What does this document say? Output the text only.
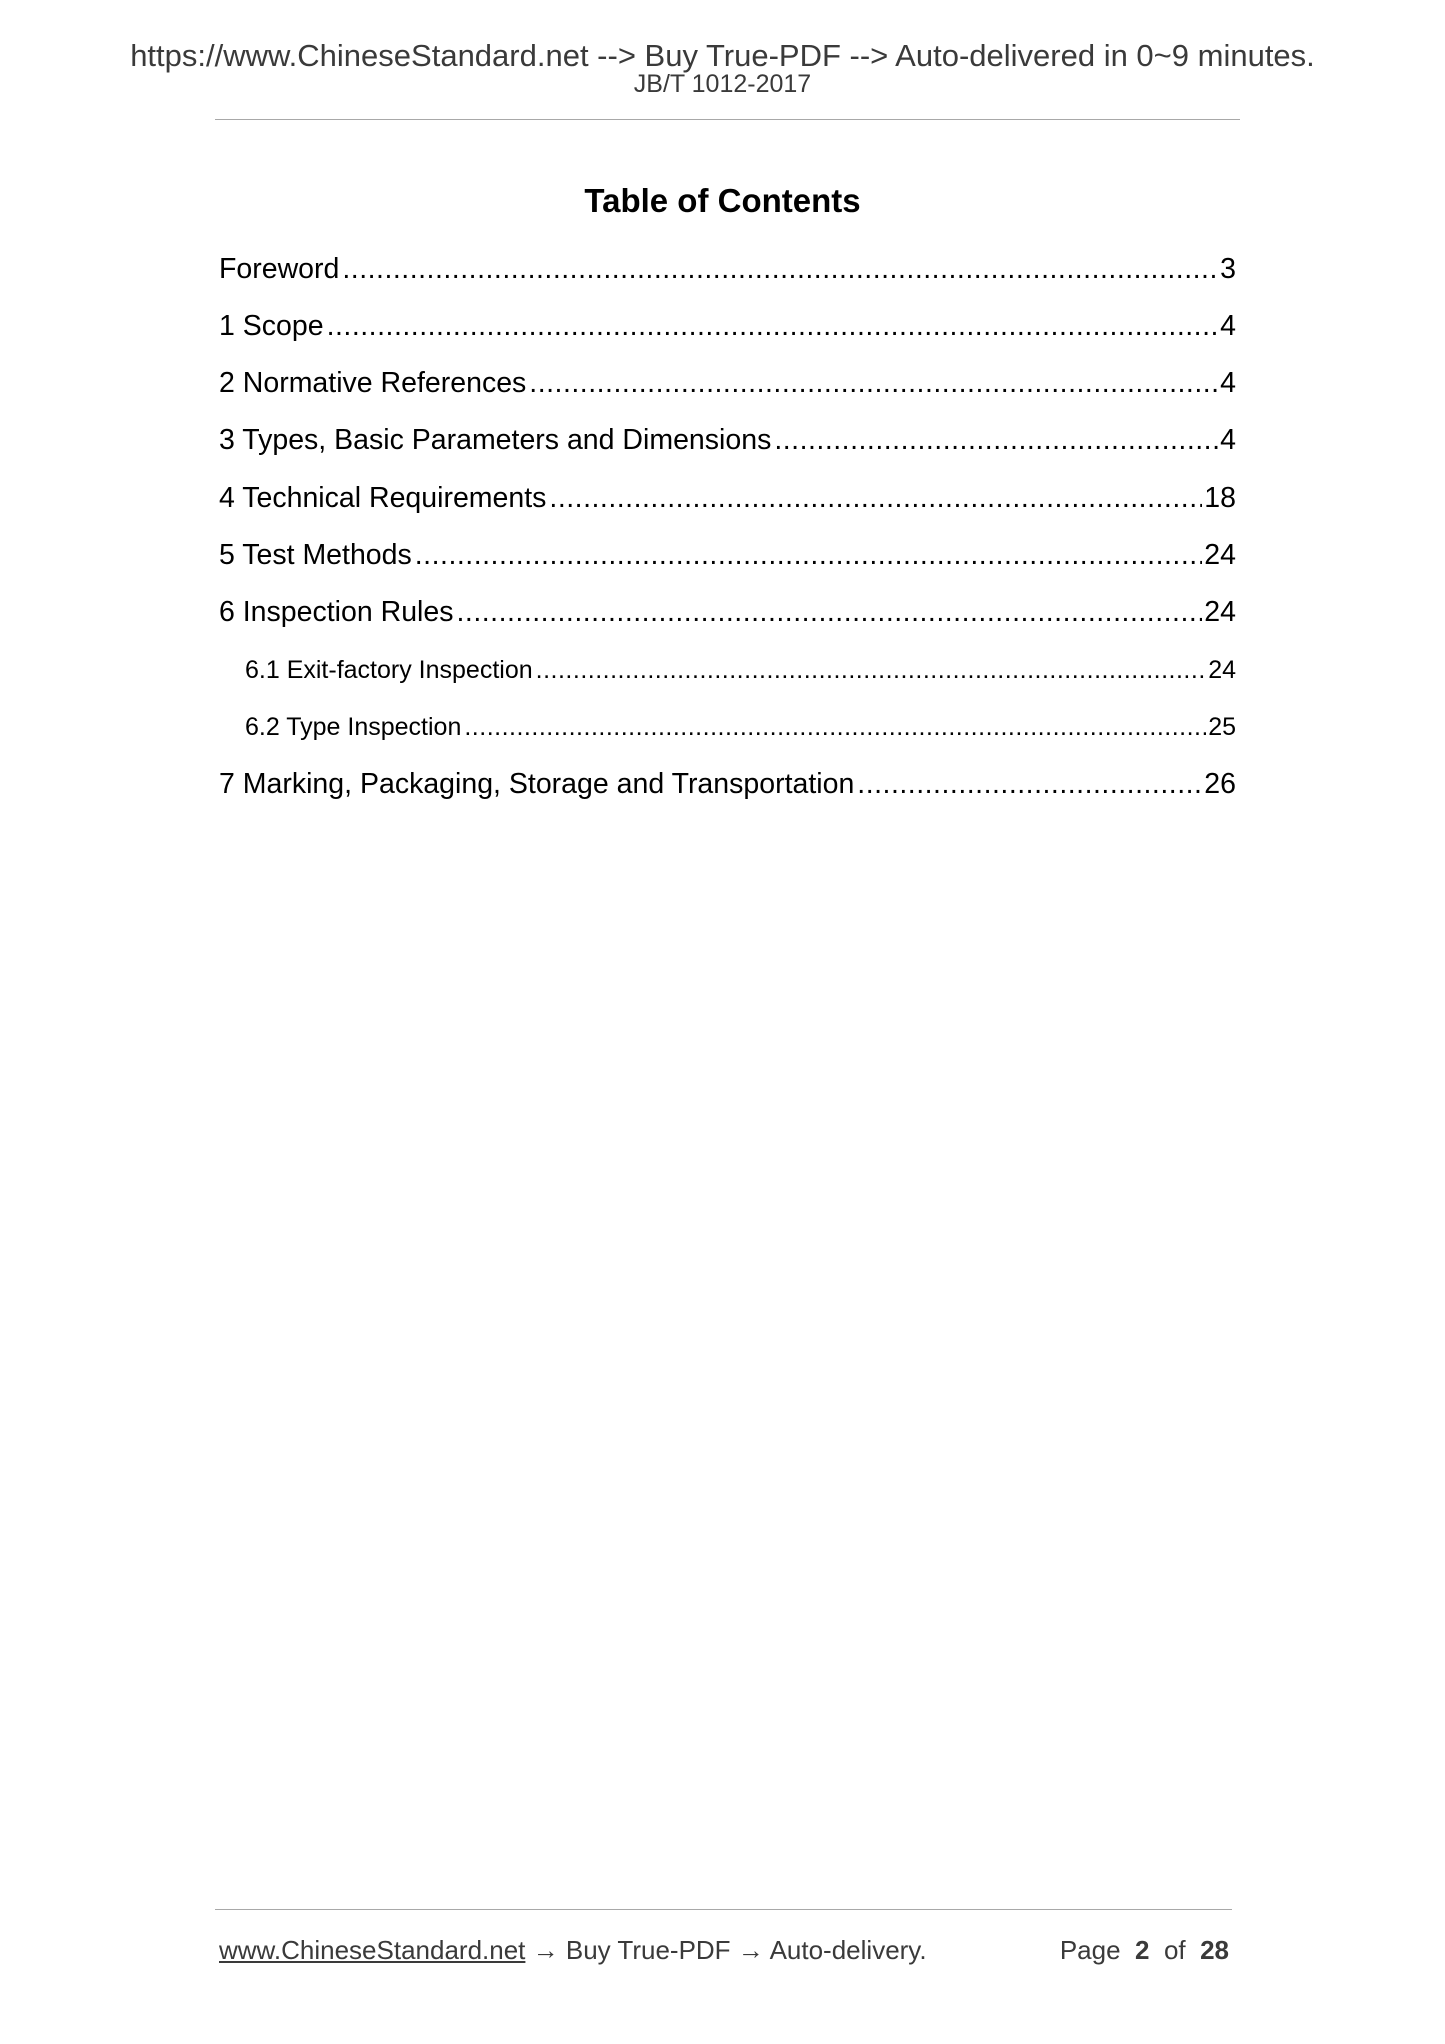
https://www.ChineseStandard.net --> Buy True-PDF --> Auto-delivered in 0~9 minutes.
JB/T 1012-2017
Table of Contents
Foreword .....	3
1 Scope .....	4
2 Normative References .....	4
3 Types, Basic Parameters and Dimensions .....	4
4 Technical Requirements .....	18
5 Test Methods .....	24
6 Inspection Rules .....	24
6.1 Exit-factory Inspection .....	24
6.2 Type Inspection .....	25
7 Marking, Packaging, Storage and Transportation .....	26
www.ChineseStandard.net → Buy True-PDF → Auto-delivery.	Page 2 of 28
